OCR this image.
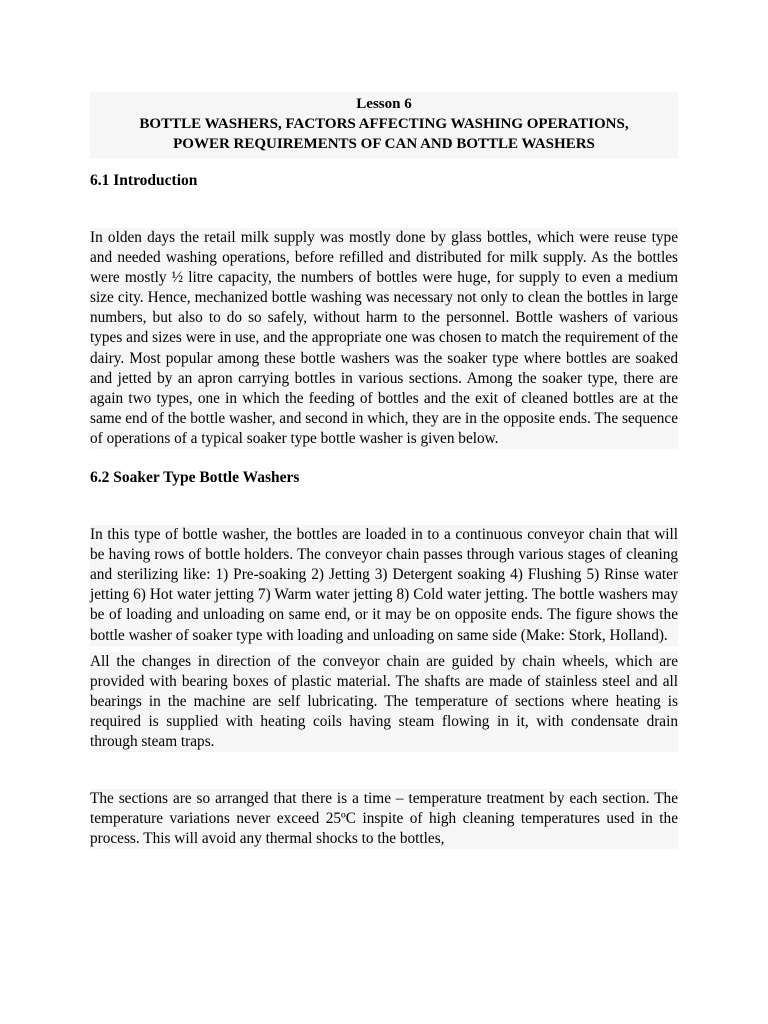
Lesson 6
BOTTLE WASHERS, FACTORS AFFECTING WASHING OPERATIONS,
POWER REQUIREMENTS OF CAN AND BOTTLE WASHERS
6.1 Introduction
In olden days the retail milk supply was mostly done by glass bottles, which were reuse type and needed washing operations, before refilled and distributed for milk supply. As the bottles were mostly ½ litre capacity, the numbers of bottles were huge, for supply to even a medium size city. Hence, mechanized bottle washing was necessary not only to clean the bottles in large numbers, but also to do so safely, without harm to the personnel. Bottle washers of various types and sizes were in use, and the appropriate one was chosen to match the requirement of the dairy. Most popular among these bottle washers was the soaker type where bottles are soaked and jetted by an apron carrying bottles in various sections. Among the soaker type, there are again two types, one in which the feeding of bottles and the exit of cleaned bottles are at the same end of the bottle washer, and second in which, they are in the opposite ends. The sequence of operations of a typical soaker type bottle washer is given below.
6.2 Soaker Type Bottle Washers
In this type of bottle washer, the bottles are loaded in to a continuous conveyor chain that will be having rows of bottle holders. The conveyor chain passes through various stages of cleaning and sterilizing like: 1) Pre-soaking 2) Jetting 3) Detergent soaking 4) Flushing 5) Rinse water jetting 6) Hot water jetting 7) Warm water jetting 8) Cold water jetting. The bottle washers may be of loading and unloading on same end, or it may be on opposite ends. The figure shows the bottle washer of soaker type with loading and unloading on same side (Make: Stork, Holland).
All the changes in direction of the conveyor chain are guided by chain wheels, which are provided with bearing boxes of plastic material. The shafts are made of stainless steel and all bearings in the machine are self lubricating. The temperature of sections where heating is required is supplied with heating coils having steam flowing in it, with condensate drain through steam traps.
The sections are so arranged that there is a time – temperature treatment by each section. The temperature variations never exceed 25ºC inspite of high cleaning temperatures used in the process. This will avoid any thermal shocks to the bottles,
